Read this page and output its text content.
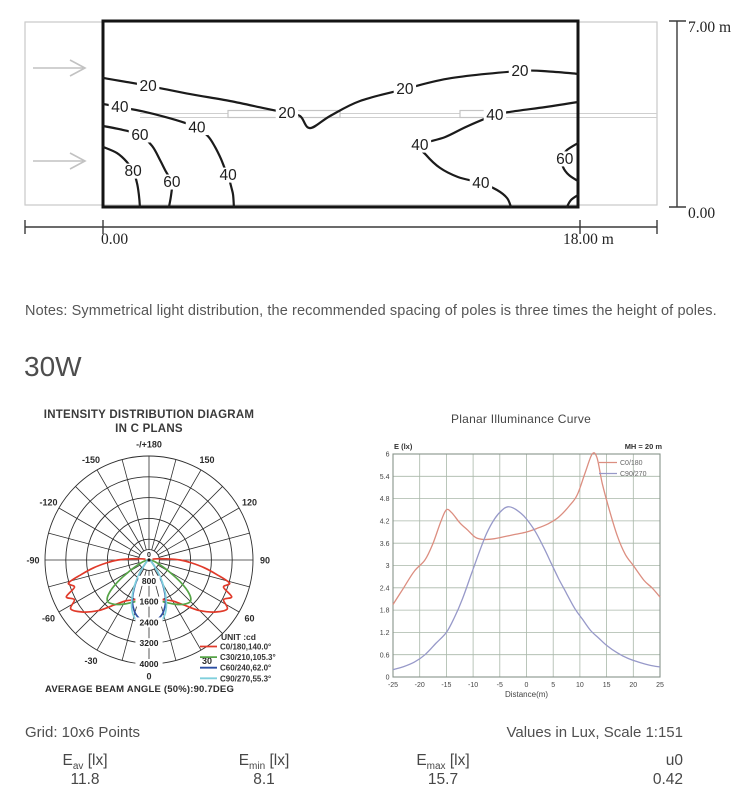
20
20
20
20
40
40
40
60
60
80
40
40
40
60
7.00 m
0.00
0.00	18.00 m
Notes: Symmetrical light distribution, the recommended spacing of poles is three times the height of poles.
30W
INTENSITY DISTRIBUTION DIAGRAM
IN C PLANS
Planar Illuminance Curve
0
30
-30
60
-60
90
-90
120
-120
150
-150
-/+180
800
1600
2400
3200
4000
0
UNIT :cd
C0/180,140.0°
C30/210,105.3°
C60/240,62.0°
C90/270,55.3°
AVERAGE BEAM ANGLE (50%):90.7DEG
6
5.4
4.8
4.2
3.6
3
2.4
1.8
1.2
0.6
0
-25 -20 -15 -10	-5	0	5	10	15	20	25
E (lx)	MH = 20 m
Distance(m)
C0/180
C90/270
Grid: 10x6 Points	Values in Lux, Scale 1:151
$E_{av}$ [lx]	$E_{min}$ [lx]	$E_{max}$ [lx]	u0
11.8	8.1	15.7	0.42
